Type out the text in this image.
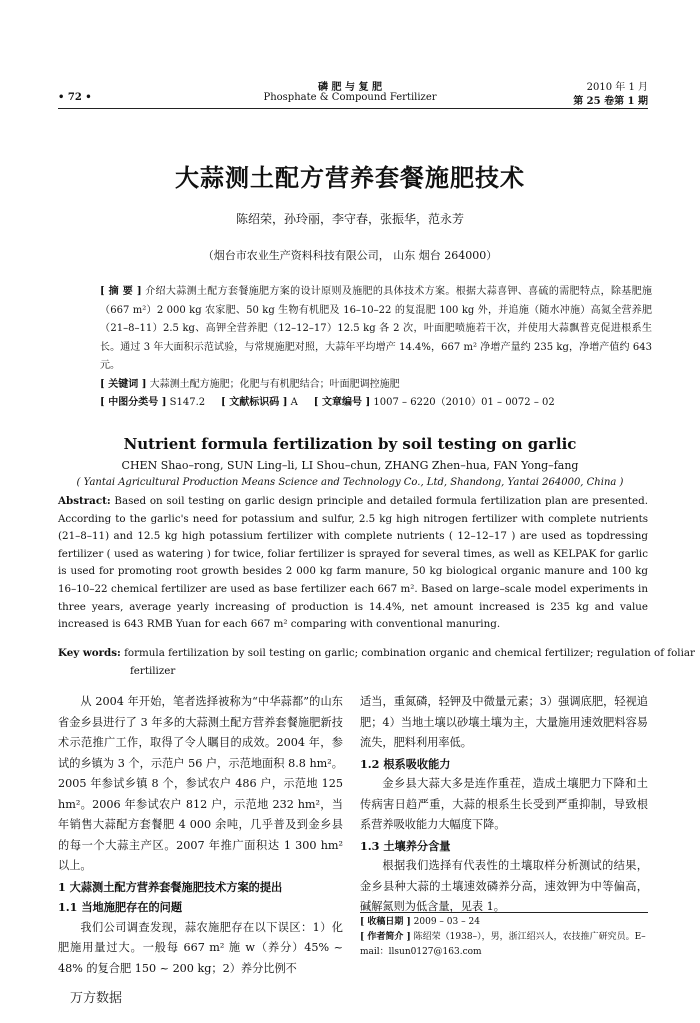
• 72 •
磷 肥 与 复 肥
Phosphate & Compound Fertilizer
2010 年 1 月
第 25 卷第 1 期
大蒜测土配方营养套餐施肥技术
陈绍荣，孙玲丽，李守春，张振华，范永芳
（烟台市农业生产资料科技有限公司， 山东 烟台 264000）
[ 摘 要 ] 介绍大蒜测土配方套餐施肥方案的设计原则及施肥的具体技术方案。根据大蒜喜钾、喜硫的需肥特点，除基肥施（667 m²）2 000 kg 农家肥、50 kg 生物有机肥及 16–10–22 的复混肥 100 kg 外，并追施（随水冲施）高氮全营养肥（21–8–11）2.5 kg、高钾全营养肥（12–12–17）12.5 kg 各 2 次，叶面肥喷施若干次，并使用大蒜飘普克促进根系生长。通过 3 年大面积示范试验，与常规施肥对照，大蒜年平均增产 14.4%，667 m² 净增产量约 235 kg，净增产值约 643 元。
[ 关键词 ] 大蒜测土配方施肥；化肥与有机肥结合；叶面肥调控施肥
[ 中图分类号 ] S147.2 [ 文献标识码 ] A [ 文章编号 ] 1007 – 6220（2010）01 – 0072 – 02
Nutrient formula fertilization by soil testing on garlic
CHEN Shao–rong, SUN Ling–li, LI Shou–chun, ZHANG Zhen–hua, FAN Yong–fang
( Yantai Agricultural Production Means Science and Technology Co., Ltd, Shandong, Yantai 264000, China )
Abstract: Based on soil testing on garlic design principle and detailed formula fertilization plan are presented. According to the garlic's need for potassium and sulfur, 2.5 kg high nitrogen fertilizer with complete nutrients (21–8–11) and 12.5 kg high potassium fertilizer with complete nutrients ( 12–12–17 ) are used as topdressing fertilizer ( used as watering ) for twice, foliar fertilizer is sprayed for several times, as well as KELPAK for garlic is used for promoting root growth besides 2 000 kg farm manure, 50 kg biological organic manure and 100 kg 16–10–22 chemical fertilizer are used as base fertilizer each 667 m². Based on large–scale model experiments in three years, average yearly increasing of production is 14.4%, net amount increased is 235 kg and value increased is 643 RMB Yuan for each 667 m² comparing with conventional manuring.
Key words: formula fertilization by soil testing on garlic; combination organic and chemical fertilizer; regulation of foliar fertilizer

从 2004 年开始，笔者选择被称为“中华蒜都”的山东省金乡县进行了 3 年多的大蒜测土配方营养套餐施肥新技术示范推广工作，取得了令人瞩目的成效。2004 年，参试的乡镇为 3 个，示范户 56 户，示范地面积 8.8 hm²。2005 年参试乡镇 8 个，参试农户 486 户，示范地 125 hm²。2006 年参试农户 812 户，示范地 232 hm²，当年销售大蒜配方套餐肥 4 000 余吨，几乎普及到金乡县的每一个大蒜主产区。2007 年推广面积达 1 300 hm² 以上。

1 大蒜测土配方营养套餐施肥技术方案的提出

1.1 当地施肥存在的问题

我们公司调查发现，蒜农施肥存在以下误区：1）化肥施用量过大。一般每 667 m² 施 w（养分）45% ~ 48% 的复合肥 150 ~ 200 kg；2）养分比例不

适当，重氮磷，轻钾及中微量元素；3）强调底肥，轻视追肥；4）当地土壤以砂壤土壤为主，大量施用速效肥料容易流失，肥料利用率低。

1.2 根系吸收能力

金乡县大蒜大多是连作重茬，造成土壤肥力下降和土传病害日趋严重，大蒜的根系生长受到严重抑制，导致根系营养吸收能力大幅度下降。

1.3 土壤养分含量

根据我们选择有代表性的土壤取样分析测试的结果，金乡县种大蒜的土壤速效磷养分高，速效钾为中等偏高，碱解氮则为低含量，见表 1。

[ 收稿日期 ] 2009 – 03 – 24
[ 作者简介 ] 陈绍荣（1938–），男，浙江绍兴人，农技推广研究员。E–mail：llsun0127@163.com
万方数据
